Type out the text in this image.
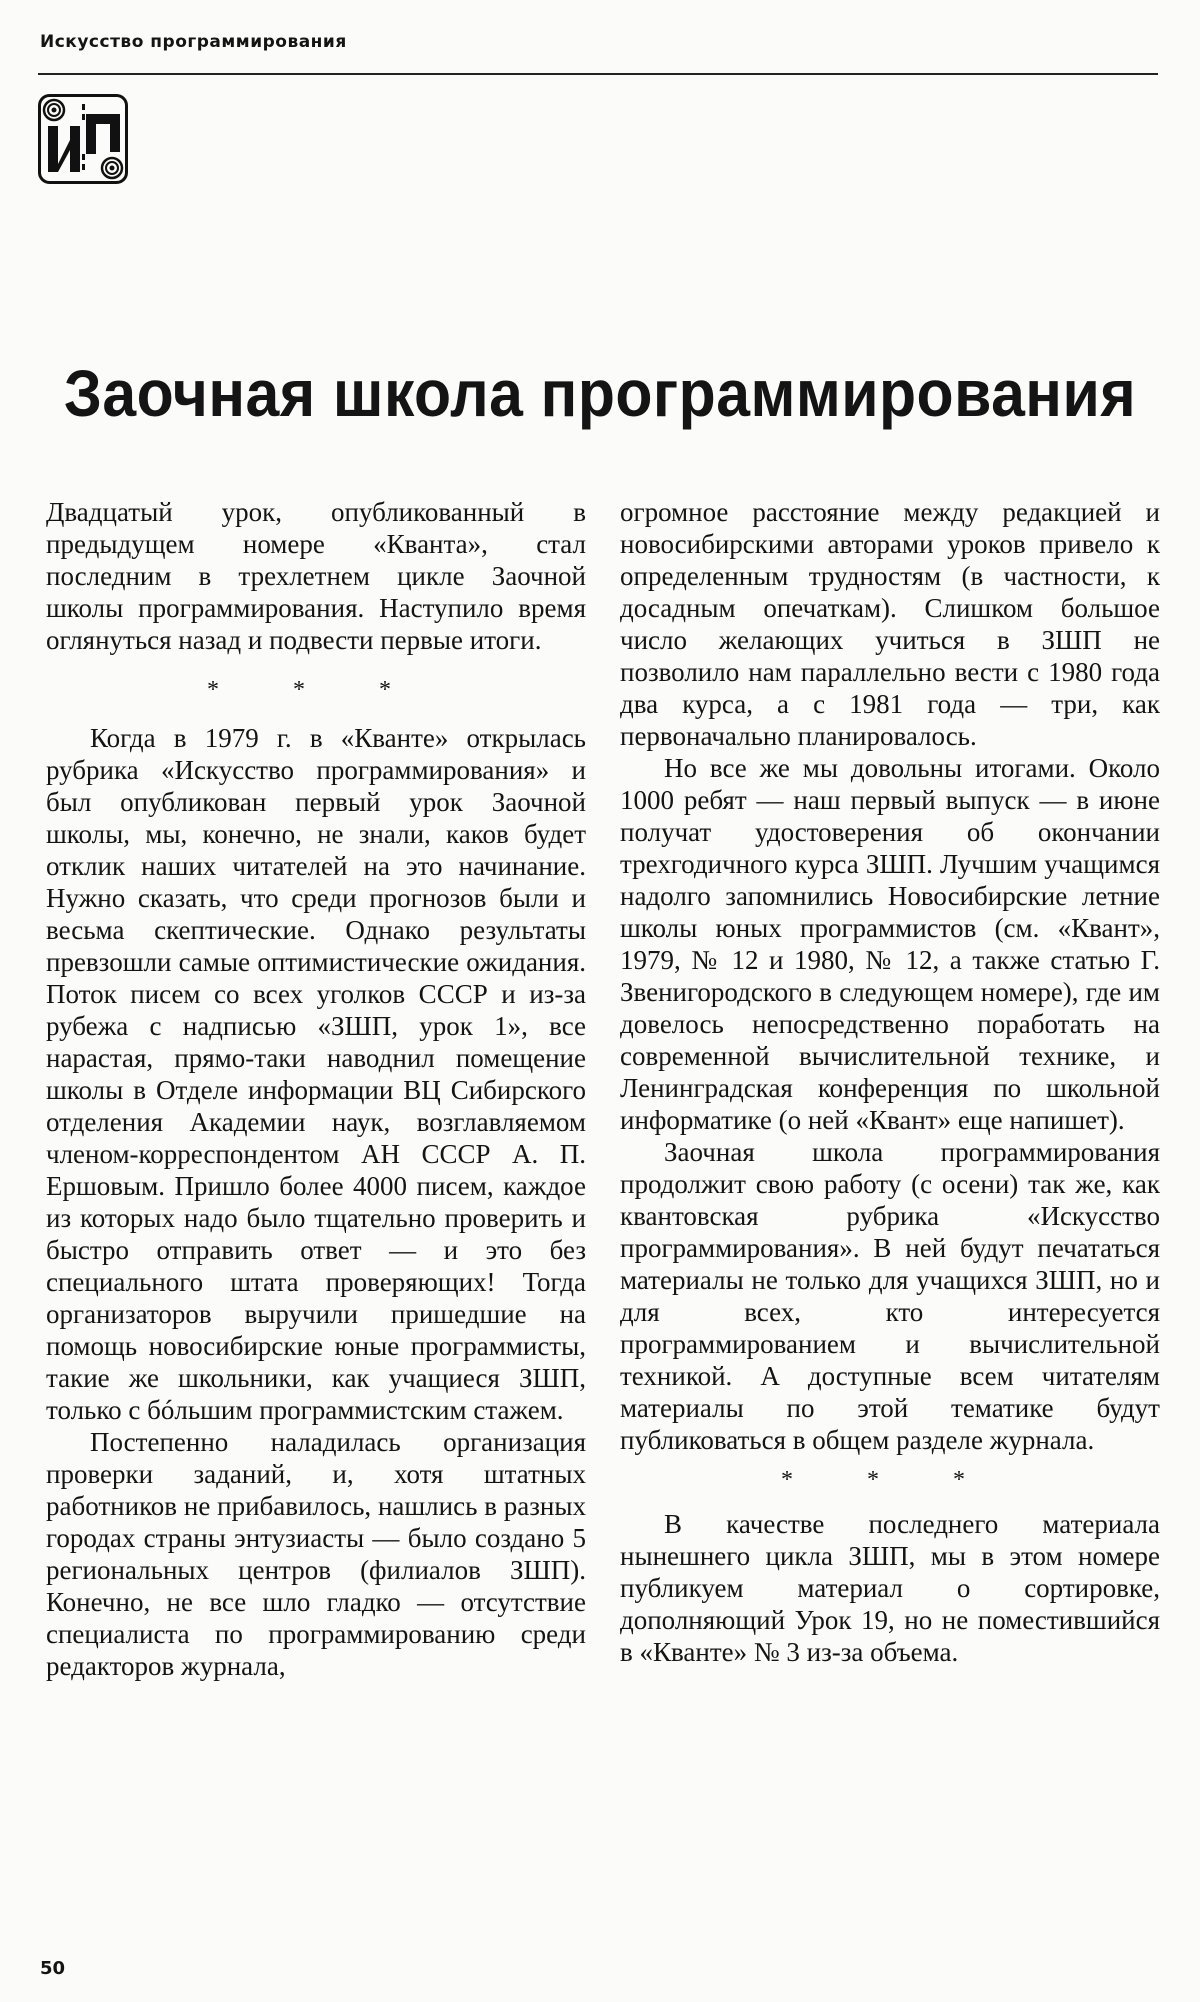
Искусство программирования
Заочная школа программирования

Двадцатый урок, опубликованный в предыдущем номере «Кванта», стал последним в трехлетнем цикле Заочной школы программирования. Наступило время оглянуться назад и подвести первые итоги.

* * *

Когда в 1979 г. в «Кванте» открылась рубрика «Искусство программирования» и был опубликован первый урок Заочной школы, мы, конечно, не знали, каков будет отклик наших читателей на это начинание. Нужно сказать, что среди прогнозов были и весьма скептические. Однако результаты превзошли самые оптимистические ожидания. Поток писем со всех уголков СССР и из-за рубежа с надписью «ЗШП, урок 1», все нарастая, прямо-таки наводнил помещение школы в Отделе информации ВЦ Сибирского отделения Академии наук, возглавляемом членом-корреспондентом АН СССР А. П. Ершовым. Пришло более 4000 писем, каждое из которых надо было тщательно проверить и быстро отправить ответ — и это без специального штата проверяющих! Тогда организаторов выручили пришедшие на помощь новосибирские юные программисты, такие же школьники, как учащиеся ЗШП, только с бóльшим программистским стажем.

Постепенно наладилась организация проверки заданий, и, хотя штатных работников не прибавилось, нашлись в разных городах страны энтузиасты — было создано 5 региональных центров (филиалов ЗШП). Конечно, не все шло гладко — отсутствие специалиста по программированию среди редакторов журнала,

огромное расстояние между редакцией и новосибирскими авторами уроков привело к определенным трудностям (в частности, к досадным опечаткам). Слишком большое число желающих учиться в ЗШП не позволило нам параллельно вести с 1980 года два курса, а с 1981 года — три, как первоначально планировалось.

Но все же мы довольны итогами. Около 1000 ребят — наш первый выпуск — в июне получат удостоверения об окончании трехгодичного курса ЗШП. Лучшим учащимся надолго запомнились Новосибирские летние школы юных программистов (см. «Квант», 1979, № 12 и 1980, № 12, а также статью Г. Звенигородского в следующем номере), где им довелось непосредственно поработать на современной вычислительной технике, и Ленинградская конференция по школьной информатике (о ней «Квант» еще напишет).

Заочная школа программирования продолжит свою работу (с осени) так же, как квантовская рубрика «Искусство программирования». В ней будут печататься материалы не только для учащихся ЗШП, но и для всех, кто интересуется программированием и вычислительной техникой. А доступные всем читателям материалы по этой тематике будут публиковаться в общем разделе журнала.

* * *

В качестве последнего материала нынешнего цикла ЗШП, мы в этом номере публикуем материал о сортировке, дополняющий Урок 19, но не поместившийся в «Кванте» № 3 из-за объема.

50
